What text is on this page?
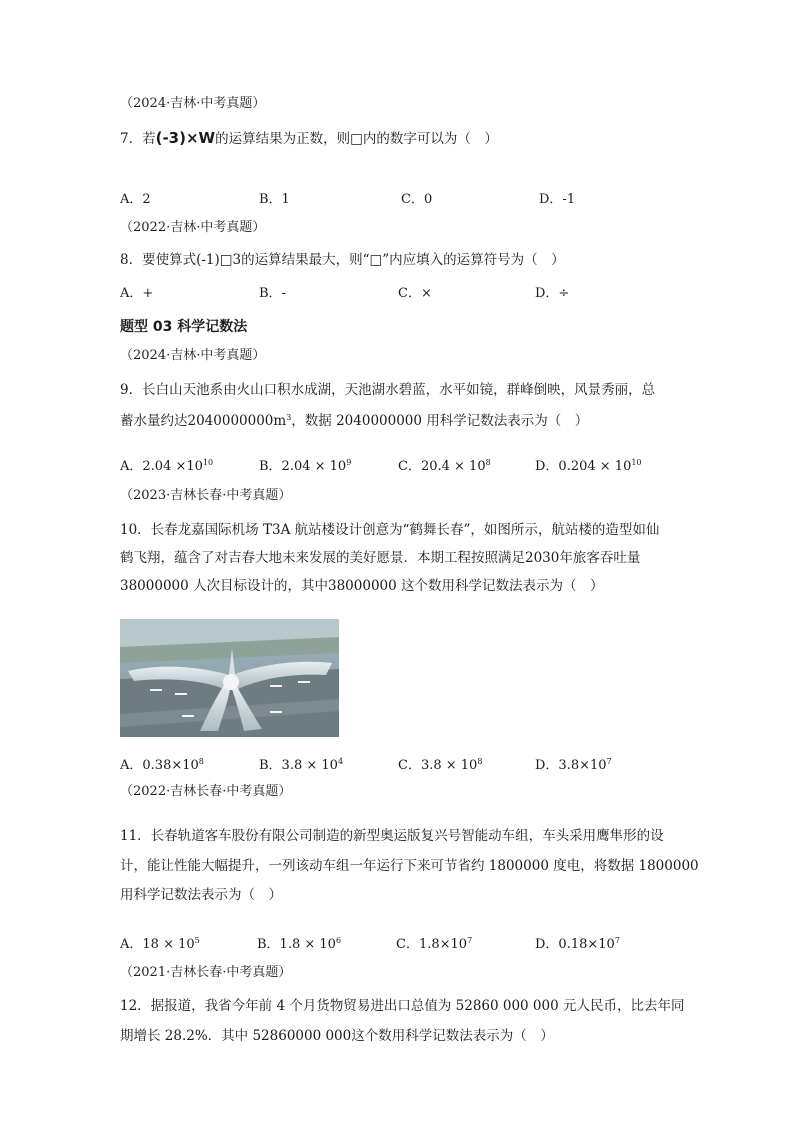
（2024·吉林·中考真题）
7．若(-3)×W的运算结果为正数，则□内的数字可以为（　）
A．2	B．1	C．0	D．-1
（2022·吉林·中考真题）
8．要使算式(-1)□3的运算结果最大，则“□”内应填入的运算符号为（　）
A．+	B．-	C．×	D．÷
题型 03 科学记数法
（2024·吉林·中考真题）
9．长白山天池系由火山口积水成湖，天池湖水碧蓝，水平如镜，群峰倒映，风景秀丽，总
蓄水量约达$2040000000m^3$，数据 2040000000 用科学记数法表示为（　）
A．$2.04 \times 10^{10}$	B．$2.04 \times 10^9$	C．$20.4 \times 10^8$	D．$0.204 \times 10^{10}$
（2023·吉林长春·中考真题）
10．长春龙嘉国际机场 T3A 航站楼设计创意为“鹤舞长春”，如图所示，航站楼的造型如仙
鹤飞翔，蕴含了对吉春大地未来发展的美好愿景．本期工程按照满足2030年旅客吞吐量
38000000 人次目标设计的，其中38000000 这个数用科学记数法表示为（　）
A．$0.38\times 10^8$	B．$3.8 \times 10^4$	C．$3.8 \times 10^8$	D．$3.8\times 10^7$
（2022·吉林长春·中考真题）
11．长春轨道客车股份有限公司制造的新型奥运版复兴号智能动车组，车头采用鹰隼形的设
计，能让性能大幅提升，一列该动车组一年运行下来可节省约 1800000 度电，将数据 1800000
用科学记数法表示为（　）
A．$18 \times 10^5$	B．$1.8 \times 10^6$	C．$1.8\times 10^7$	D．$0.18\times 10^7$
（2021·吉林长春·中考真题）
12．据报道，我省今年前 4 个月货物贸易进出口总值为 52860 000 000 元人民币，比去年同
期增长 28.2%．其中 52860000 000这个数用科学记数法表示为（　）
